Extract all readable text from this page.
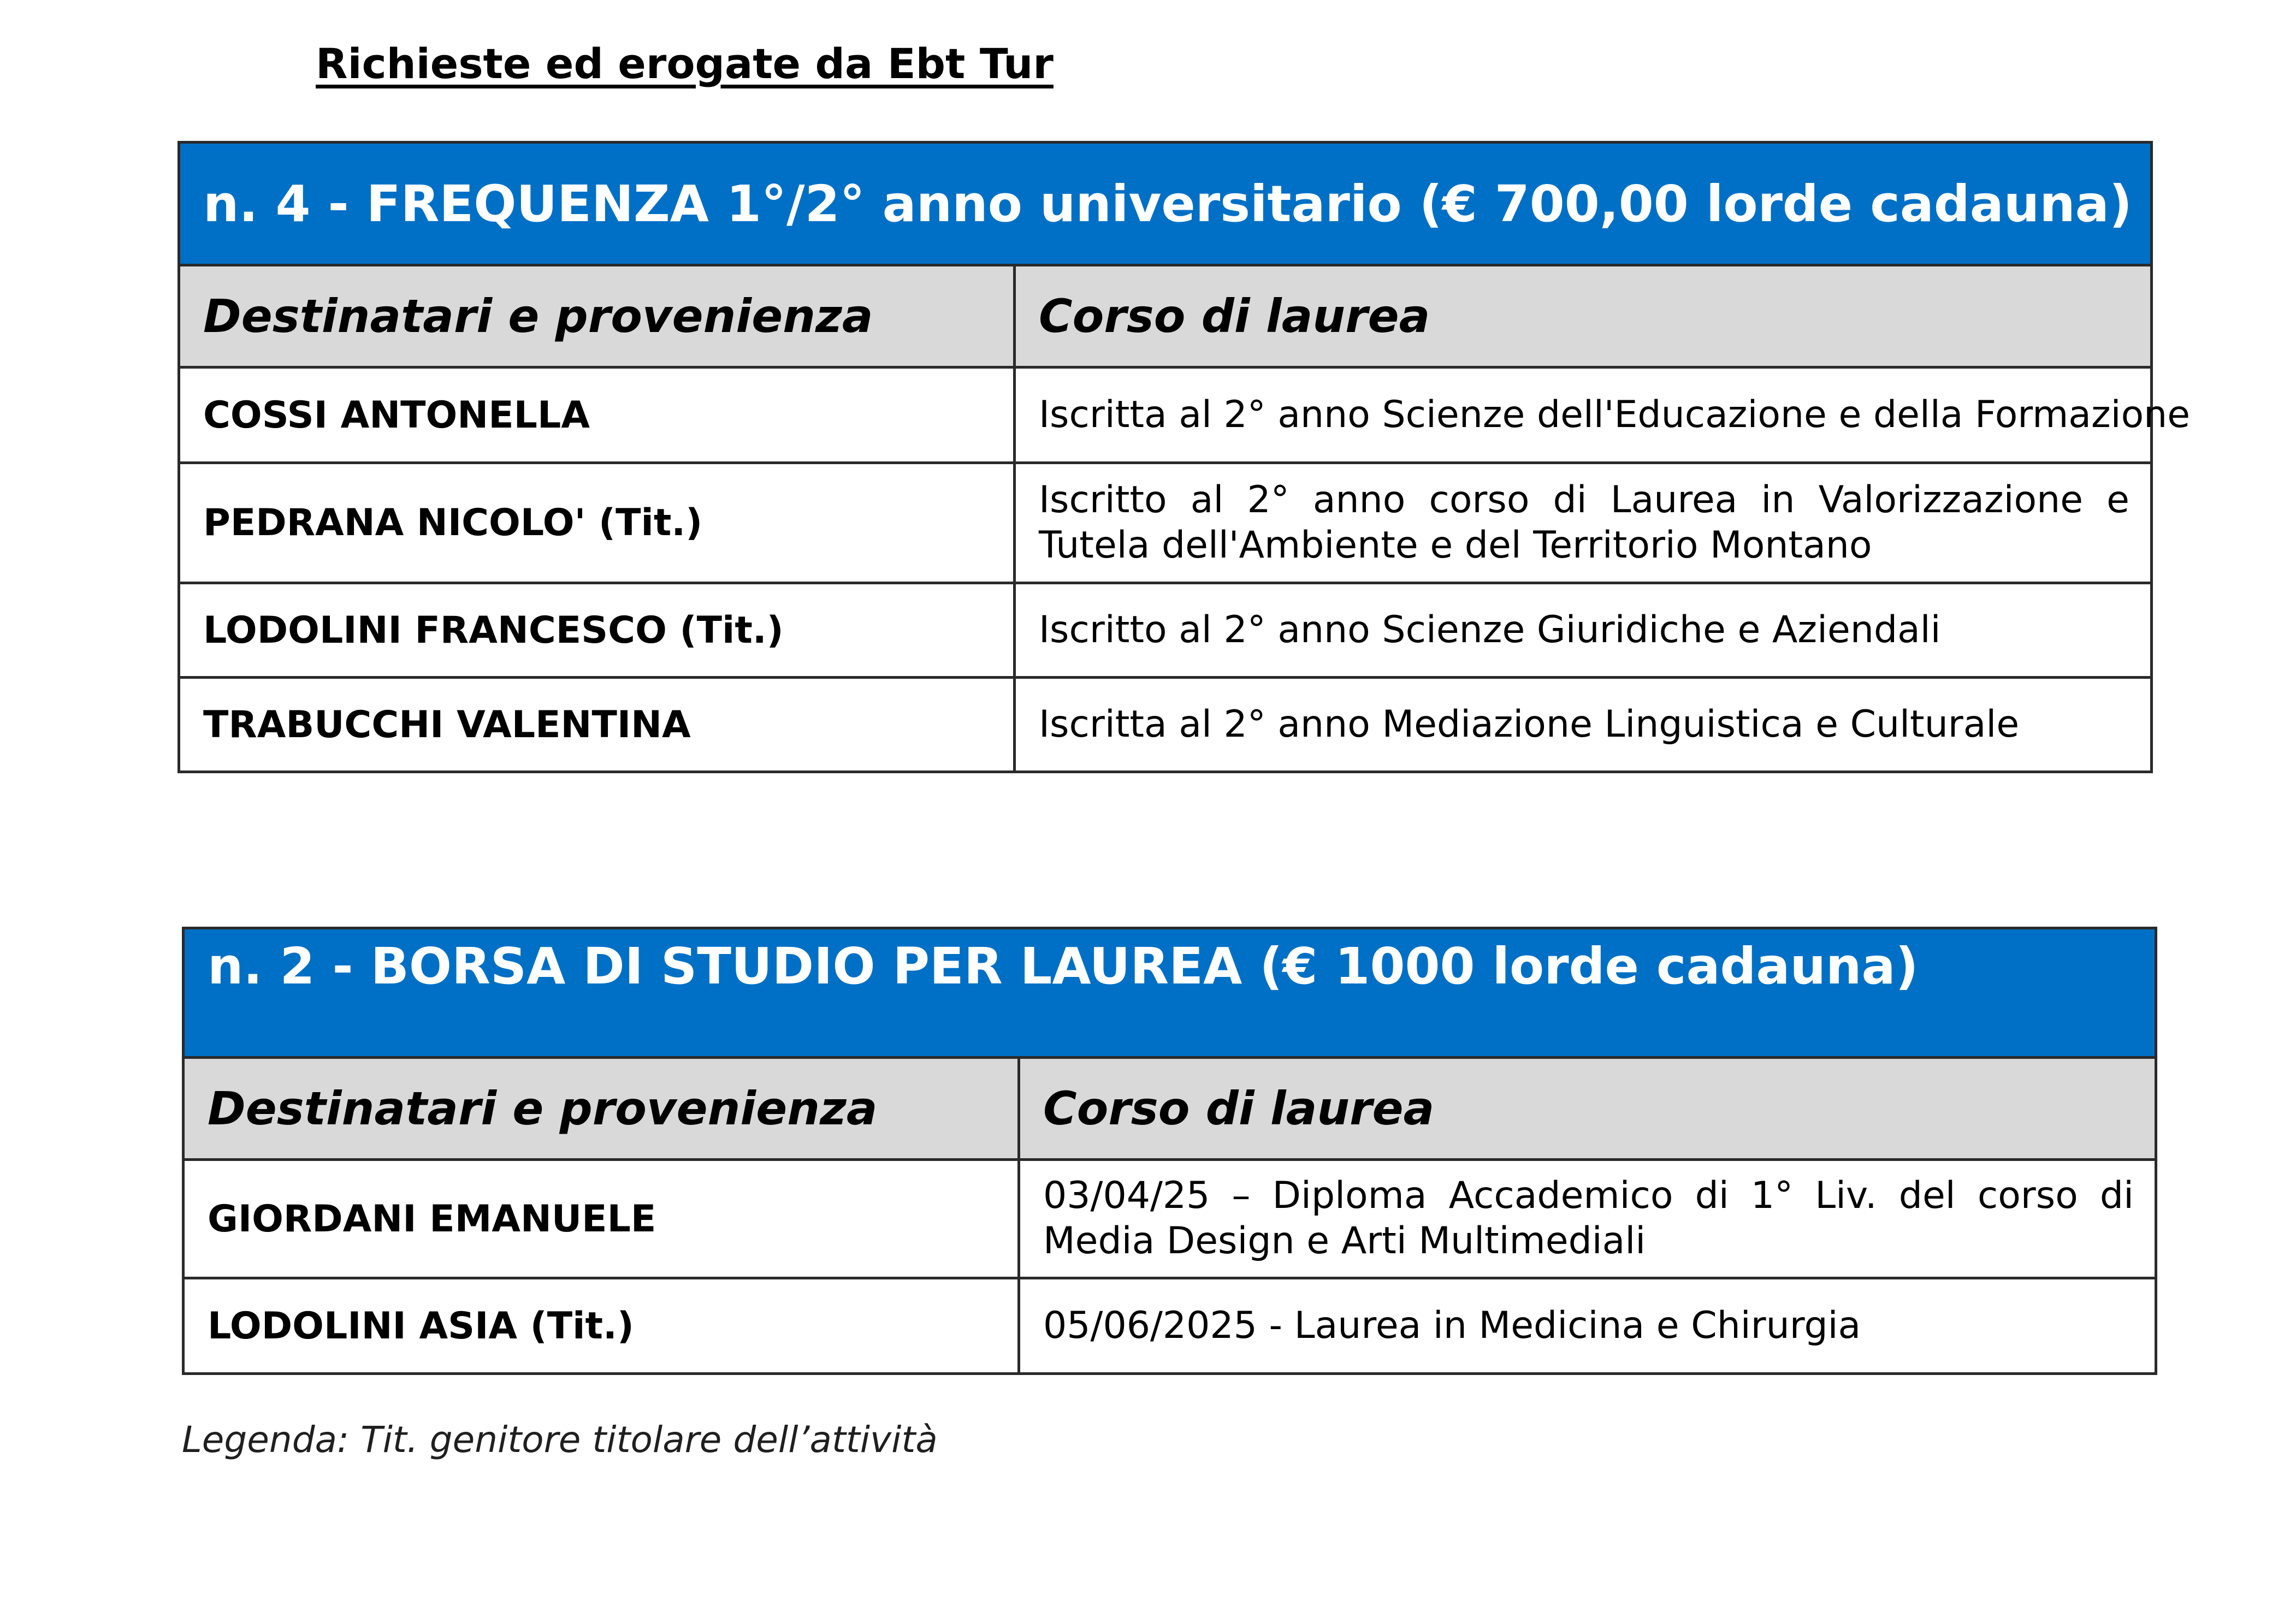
Richieste ed erogate da Ebt Tur
n. 4 - FREQUENZA 1°/2° anno universitario (€ 700,00 lorde cadauna)	
Destinatari e provenienza	Corso di laurea
COSSI ANTONELLA	Iscritta al 2° anno Scienze dell'Educazione e della Formazione
PEDRANA NICOLO' (Tit.)	Iscritto al 2° anno corso di Laurea in Valorizzazione e Tutela dell'Ambiente e del Territorio Montano
LODOLINI FRANCESCO (Tit.)	Iscritto al 2° anno Scienze Giuridiche e Aziendali
TRABUCCHI VALENTINA	Iscritta al 2° anno Mediazione Linguistica e Culturale
n. 2 - BORSA DI STUDIO PER LAUREA (€ 1000 lorde cadauna)	
Destinatari e provenienza	Corso di laurea
GIORDANI EMANUELE	03/04/25 – Diploma Accademico di 1° Liv. del corso di Media Design e Arti Multimediali
LODOLINI ASIA (Tit.)	05/06/2025 - Laurea in Medicina e Chirurgia

Legenda: Tit. genitore titolare dell’attività
